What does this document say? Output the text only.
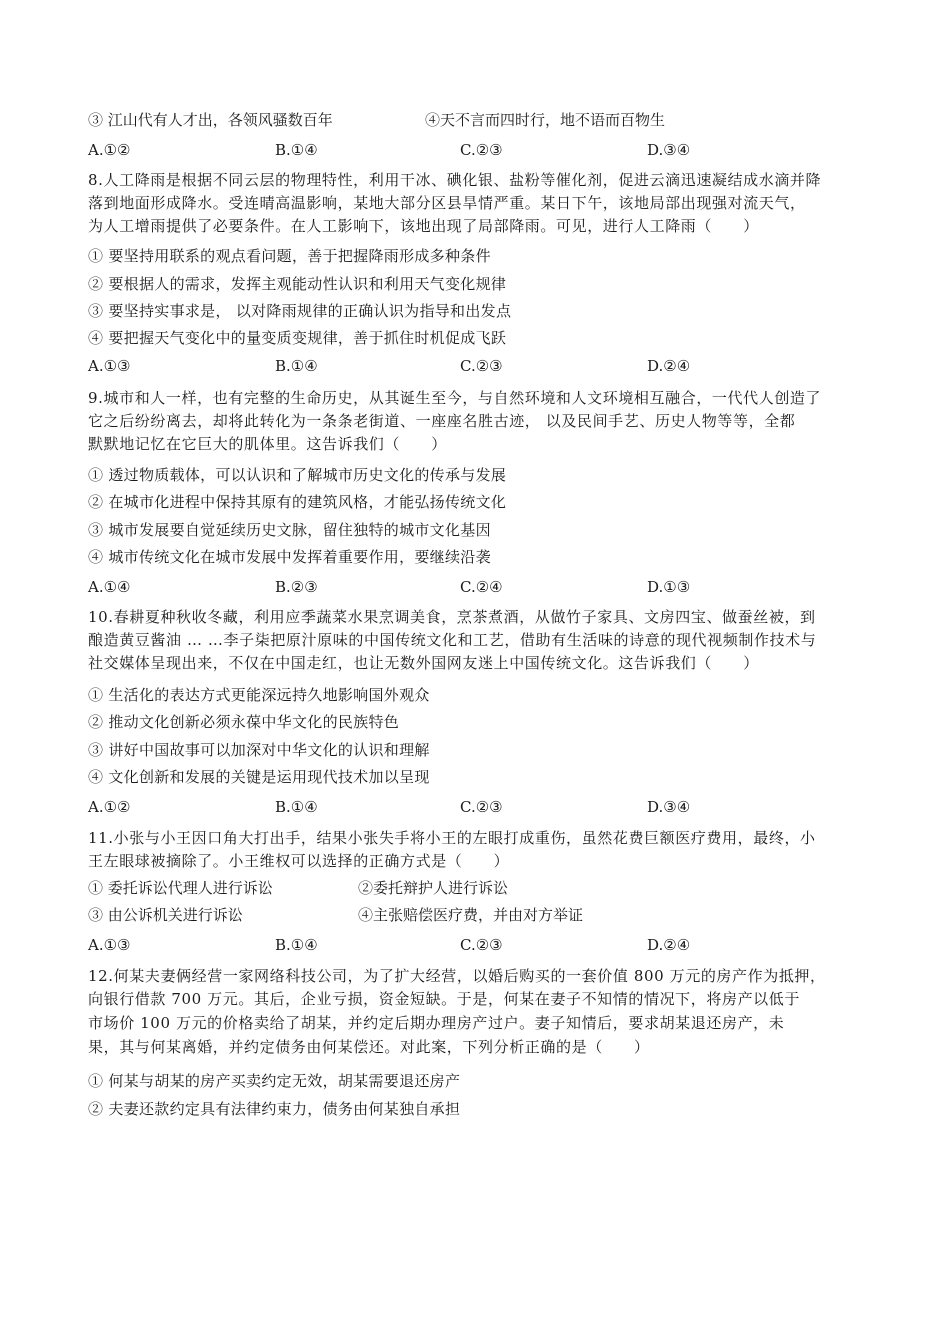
③ 江山代有人才出，各领风骚数百年	④天不言而四时行，地不语而百物生
A.①②	B.①④	C.②③	D.③④
8.人工降雨是根据不同云层的物理特性，利用干冰、碘化银、盐粉等催化剂，促进云滴迅速凝结成水滴并降
落到地面形成降水。受连晴高温影响，某地大部分区县旱情严重。某日下午，该地局部出现强对流天气，
为人工增雨提供了必要条件。在人工影响下，该地出现了局部降雨。可见，进行人工降雨（　　）
① 要坚持用联系的观点看问题，善于把握降雨形成多种条件
② 要根据人的需求，发挥主观能动性认识和利用天气变化规律
③ 要坚持实事求是， 以对降雨规律的正确认识为指导和出发点
④ 要把握天气变化中的量变质变规律，善于抓住时机促成飞跃
A.①③	B.①④	C.②③	D.②④
9.城市和人一样，也有完整的生命历史，从其诞生至今，与自然环境和人文环境相互融合，一代代人创造了
它之后纷纷离去，却将此转化为一条条老街道、一座座名胜古迹， 以及民间手艺、历史人物等等，全都
默默地记忆在它巨大的肌体里。这告诉我们（　　）
① 透过物质载体，可以认识和了解城市历史文化的传承与发展
② 在城市化进程中保持其原有的建筑风格，才能弘扬传统文化
③ 城市发展要自觉延续历史文脉，留住独特的城市文化基因
④ 城市传统文化在城市发展中发挥着重要作用，要继续沿袭
A.①④	B.②③	C.②④	D.①③
10.春耕夏种秋收冬藏，利用应季蔬菜水果烹调美食，烹茶煮酒，从做竹子家具、文房四宝、做蚕丝被，到
酿造黄豆酱油 … …李子柒把原汁原味的中国传统文化和工艺，借助有生活味的诗意的现代视频制作技术与
社交媒体呈现出来，不仅在中国走红，也让无数外国网友迷上中国传统文化。这告诉我们（　　）
① 生活化的表达方式更能深远持久地影响国外观众
② 推动文化创新必须永葆中华文化的民族特色
③ 讲好中国故事可以加深对中华文化的认识和理解
④ 文化创新和发展的关键是运用现代技术加以呈现
A.①②	B.①④	C.②③	D.③④
11.小张与小王因口角大打出手，结果小张失手将小王的左眼打成重伤，虽然花费巨额医疗费用，最终，小
王左眼球被摘除了。小王维权可以选择的正确方式是（　　）
① 委托诉讼代理人进行诉讼	②委托辩护人进行诉讼
③ 由公诉机关进行诉讼	④主张赔偿医疗费，并由对方举证
A.①③	B.①④	C.②③	D.②④
12.何某夫妻俩经营一家网络科技公司，为了扩大经营，以婚后购买的一套价值 800 万元的房产作为抵押，
向银行借款 700 万元。其后，企业亏损，资金短缺。于是，何某在妻子不知情的情况下，将房产以低于
市场价 100 万元的价格卖给了胡某，并约定后期办理房产过户。妻子知情后，要求胡某退还房产，未
果，其与何某离婚，并约定债务由何某偿还。对此案，下列分析正确的是（　　）
① 何某与胡某的房产买卖约定无效，胡某需要退还房产
② 夫妻还款约定具有法律约束力，债务由何某独自承担
